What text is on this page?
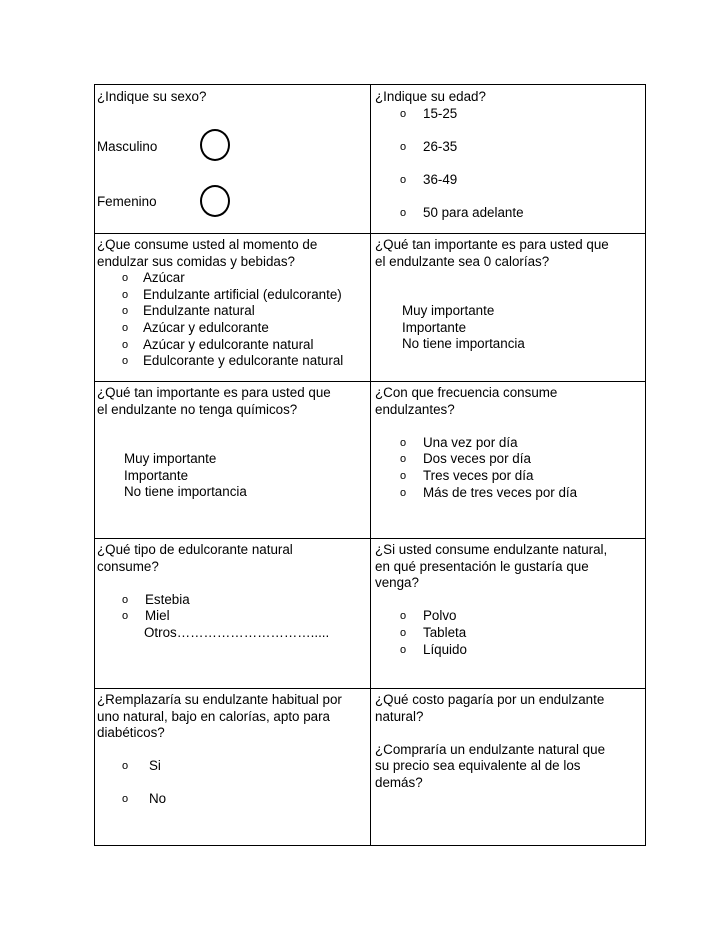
¿Indique su sexo?
Masculino
Femenino
¿Indique su edad?
o 15-25
o 26-35
o 36-49
o 50 para adelante
¿Que consume usted al momento de
endulzar sus comidas y bebidas?
o Azúcar
o Endulzante artificial (edulcorante)
o Endulzante natural
o Azúcar y edulcorante
o Azúcar y edulcorante natural
o Edulcorante y edulcorante natural
¿Qué tan importante es para usted que
el endulzante sea 0 calorías?
Muy importante
Importante
No tiene importancia
¿Qué tan importante es para usted que
el endulzante no tenga químicos?
Muy importante
Importante
No tiene importancia
¿Con que frecuencia consume
endulzantes?
o Una vez por día
o Dos veces por día
o Tres veces por día
o Más de tres veces por día
¿Qué tipo de edulcorante natural
consume?
o Estebia
o Miel
Otros………………………….....
¿Si usted consume endulzante natural,
en qué presentación le gustaría que
venga?
o Polvo
o Tableta
o Líquido
¿Remplazaría su endulzante habitual por
uno natural, bajo en calorías, apto para
diabéticos?
o Si
o No
¿Qué costo pagaría por un endulzante
natural?
¿Compraría un endulzante natural que
su precio sea equivalente al de los
demás?
